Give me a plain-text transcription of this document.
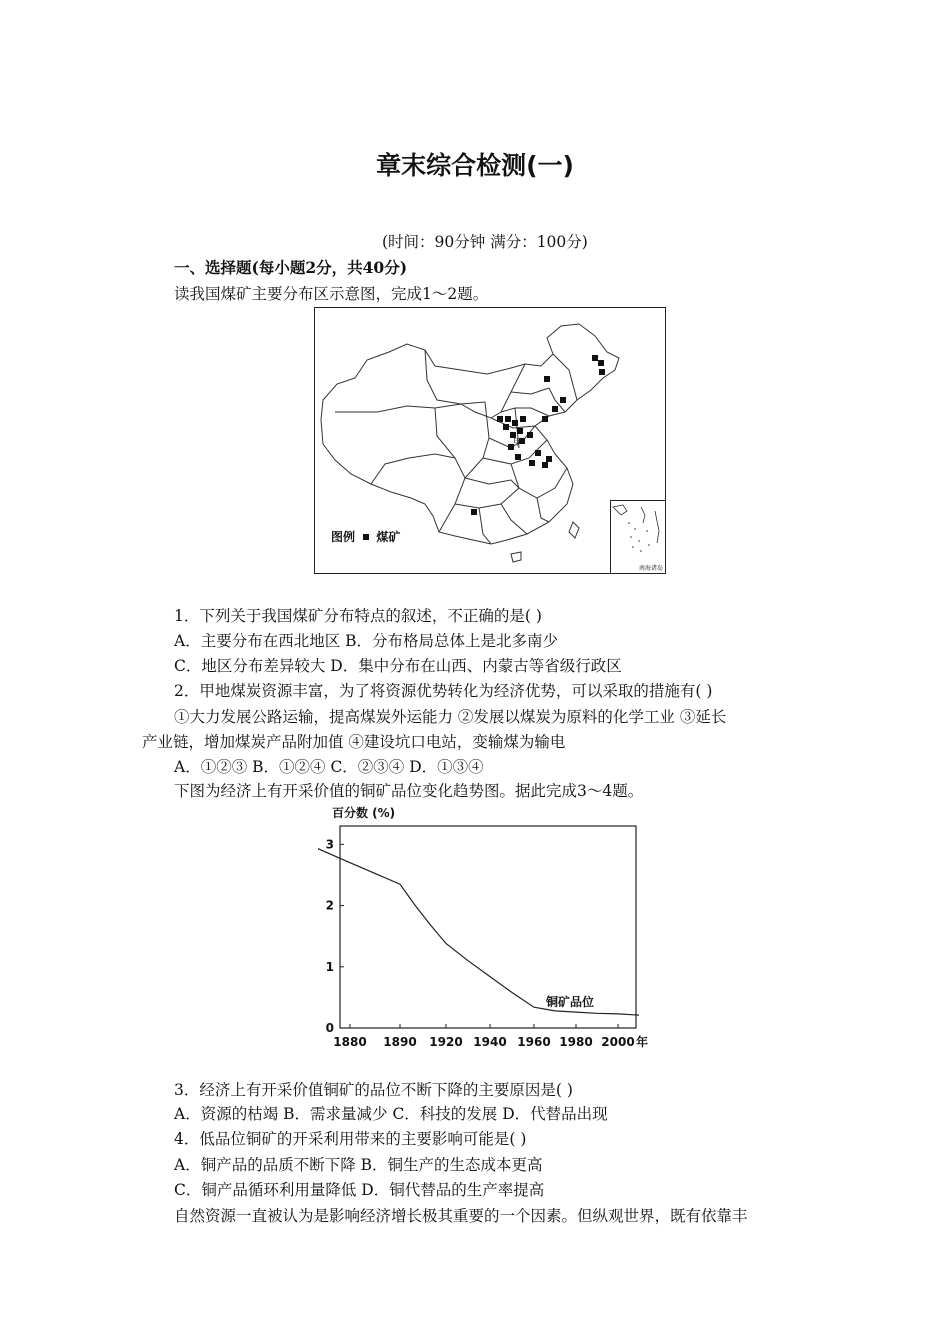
章末综合检测(一)
(时间：90分钟 满分：100分)
一、选择题(每小题2分，共40分)
读我国煤矿主要分布区示意图，完成1～2题。
甲
图例 煤矿
南海诸岛
1．下列关于我国煤矿分布特点的叙述，不正确的是( )
A．主要分布在西北地区 B．分布格局总体上是北多南少
C．地区分布差异较大 D．集中分布在山西、内蒙古等省级行政区
2．甲地煤炭资源丰富，为了将资源优势转化为经济优势，可以采取的措施有( )
①大力发展公路运输，提高煤炭外运能力 ②发展以煤炭为原料的化学工业 ③延长
产业链，增加煤炭产品附加值 ④建设坑口电站，变输煤为输电
A．①②③ B．①②④ C．②③④ D．①③④
下图为经济上有开采价值的铜矿品位变化趋势图。据此完成3～4题。
百分数 (%)
0
1
2
3
1880 1890 1920 1940 1960 1980 2000
铜矿品位
年
3．经济上有开采价值铜矿的品位不断下降的主要原因是( )
A．资源的枯竭 B．需求量减少 C．科技的发展 D．代替品出现
4．低品位铜矿的开采利用带来的主要影响可能是( )
A．铜产品的品质不断下降 B．铜生产的生态成本更高
C．铜产品循环利用量降低 D．铜代替品的生产率提高
自然资源一直被认为是影响经济增长极其重要的一个因素。但纵观世界，既有依靠丰
